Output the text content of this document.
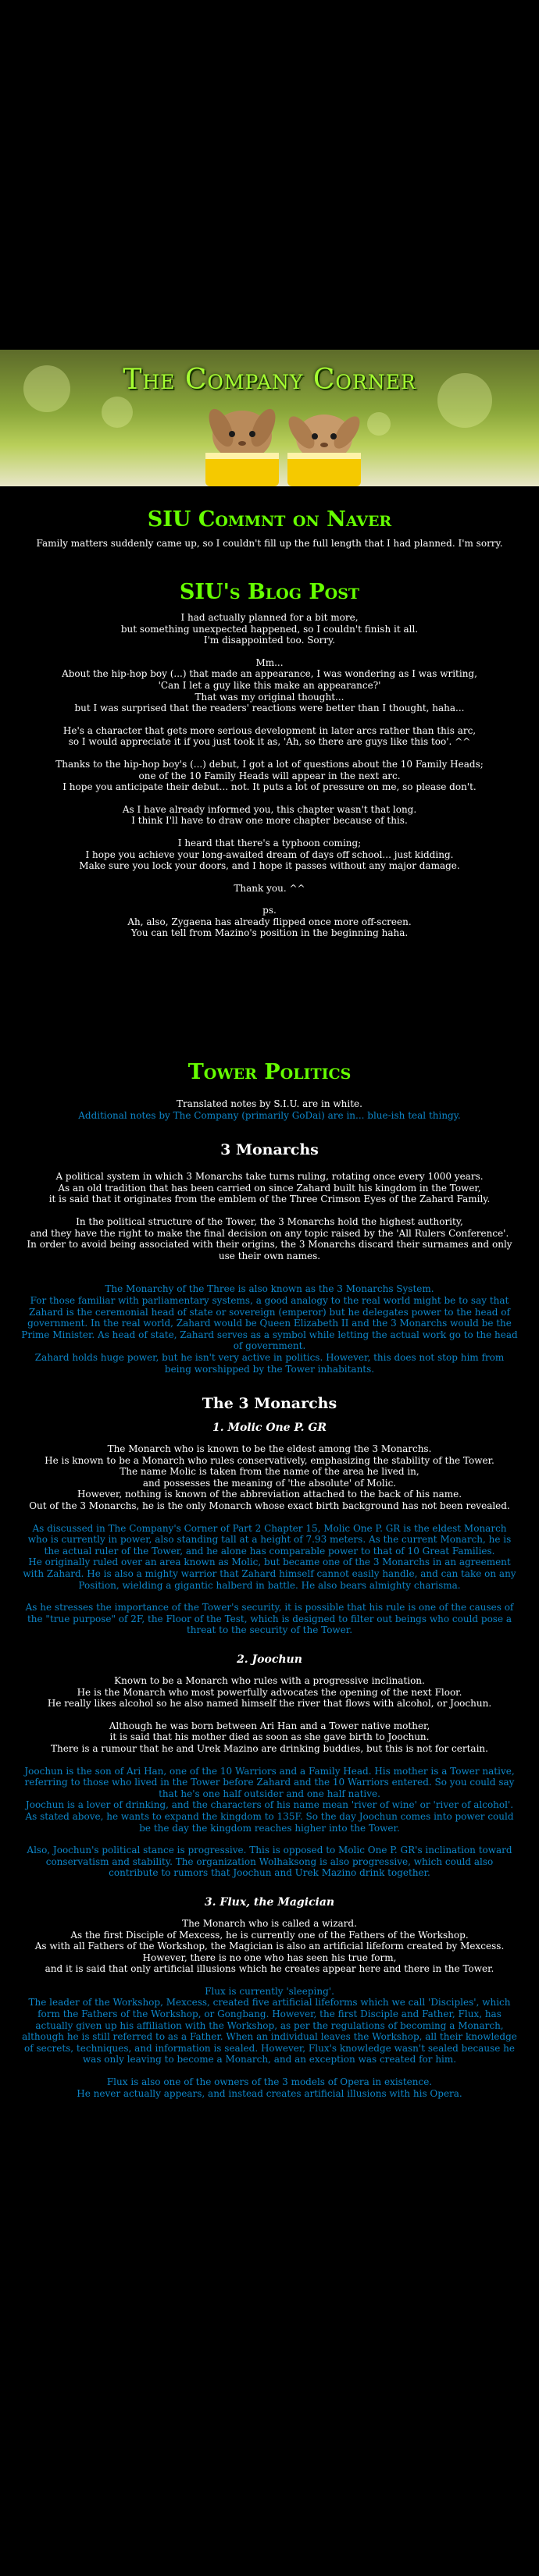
The Company Corner
SIU Commnt on Naver

Family matters suddenly came up, so I couldn't fill up the full length that I had planned. I'm sorry.

SIU's Blog Post

I had actually planned for a bit more,

but something unexpected happened, so I couldn't finish it all.

I'm disappointed too. Sorry.

Mm...

About the hip-hop boy (...) that made an appearance, I was wondering as I was writing,

'Can I let a guy like this make an appearance?'

That was my original thought...

but I was surprised that the readers' reactions were better than I thought, haha...

He's a character that gets more serious development in later arcs rather than this arc,

so I would appreciate it if you just took it as, 'Ah, so there are guys like this too'. ^^

Thanks to the hip-hop boy's (...) debut, I got a lot of questions about the 10 Family Heads;

one of the 10 Family Heads will appear in the next arc.

I hope you anticipate their debut... not. It puts a lot of pressure on me, so please don't.

As I have already informed you, this chapter wasn't that long.

I think I'll have to draw one more chapter because of this.

I heard that there's a typhoon coming;

I hope you achieve your long-awaited dream of days off school... just kidding.

Make sure you lock your doors, and I hope it passes without any major damage.

Thank you. ^^

ps.

Ah, also, Zygaena has already flipped once more off-screen.

You can tell from Mazino's position in the beginning haha.

Tower Politics

Translated notes by S.I.U. are in white.

Additional notes by The Company (primarily GoDai) are in... blue-ish teal thingy.

3 Monarchs

A political system in which 3 Monarchs take turns ruling, rotating once every 1000 years.

As an old tradition that has been carried on since Zahard built his kingdom in the Tower,

it is said that it originates from the emblem of the Three Crimson Eyes of the Zahard Family.

In the political structure of the Tower, the 3 Monarchs hold the highest authority,

and they have the right to make the final decision on any topic raised by the 'All Rulers Conference'.

In order to avoid being associated with their origins, the 3 Monarchs discard their surnames and only

use their own names.

The Monarchy of the Three is also known as the 3 Monarchs System.

For those familiar with parliamentary systems, a good analogy to the real world might be to say that

Zahard is the ceremonial head of state or sovereign (emperor) but he delegates power to the head of

government. In the real world, Zahard would be Queen Elizabeth II and the 3 Monarchs would be the

Prime Minister. As head of state, Zahard serves as a symbol while letting the actual work go to the head

of government.

Zahard holds huge power, but he isn't very active in politics. However, this does not stop him from

being worshipped by the Tower inhabitants.

The 3 Monarchs
1. Molic One P. GR

The Monarch who is known to be the eldest among the 3 Monarchs.

He is known to be a Monarch who rules conservatively, emphasizing the stability of the Tower.

The name Molic is taken from the name of the area he lived in,

and possesses the meaning of 'the absolute' of Molic.

However, nothing is known of the abbreviation attached to the back of his name.

Out of the 3 Monarchs, he is the only Monarch whose exact birth background has not been revealed.

As discussed in The Company's Corner of Part 2 Chapter 15, Molic One P. GR is the eldest Monarch

who is currently in power, also standing tall at a height of 7.93 meters. As the current Monarch, he is

the actual ruler of the Tower, and he alone has comparable power to that of 10 Great Families.

He originally ruled over an area known as Molic, but became one of the 3 Monarchs in an agreement

with Zahard. He is also a mighty warrior that Zahard himself cannot easily handle, and can take on any

Position, wielding a gigantic halberd in battle. He also bears almighty charisma.

As he stresses the importance of the Tower's security, it is possible that his rule is one of the causes of

the "true purpose" of 2F, the Floor of the Test, which is designed to filter out beings who could pose a

threat to the security of the Tower.

2. Joochun

Known to be a Monarch who rules with a progressive inclination.

He is the Monarch who most powerfully advocates the opening of the next Floor.

He really likes alcohol so he also named himself the river that flows with alcohol, or Joochun.

Although he was born between Ari Han and a Tower native mother,

it is said that his mother died as soon as she gave birth to Joochun.

There is a rumour that he and Urek Mazino are drinking buddies, but this is not for certain.

Joochun is the son of Ari Han, one of the 10 Warriors and a Family Head. His mother is a Tower native,

referring to those who lived in the Tower before Zahard and the 10 Warriors entered. So you could say

that he's one half outsider and one half native.

Joochun is a lover of drinking, and the characters of his name mean 'river of wine' or 'river of alcohol'.

As stated above, he wants to expand the kingdom to 135F. So the day Joochun comes into power could

be the day the kingdom reaches higher into the Tower.

Also, Joochun's political stance is progressive. This is opposed to Molic One P. GR's inclination toward

conservatism and stability. The organization Wolhaksong is also progressive, which could also

contribute to rumors that Joochun and Urek Mazino drink together.

3. Flux, the Magician

The Monarch who is called a wizard.

As the first Disciple of Mexcess, he is currently one of the Fathers of the Workshop.

As with all Fathers of the Workshop, the Magician is also an artificial lifeform created by Mexcess.

However, there is no one who has seen his true form,

and it is said that only artificial illusions which he creates appear here and there in the Tower.

Flux is currently 'sleeping'.

The leader of the Workshop, Mexcess, created five artificial lifeforms which we call 'Disciples', which

form the Fathers of the Workshop, or Gongbang. However, the first Disciple and Father, Flux, has

actually given up his affiliation with the Workshop, as per the regulations of becoming a Monarch,

although he is still referred to as a Father. When an individual leaves the Workshop, all their knowledge

of secrets, techniques, and information is sealed. However, Flux's knowledge wasn't sealed because he

was only leaving to become a Monarch, and an exception was created for him.

Flux is also one of the owners of the 3 models of Opera in existence.

He never actually appears, and instead creates artificial illusions with his Opera.
